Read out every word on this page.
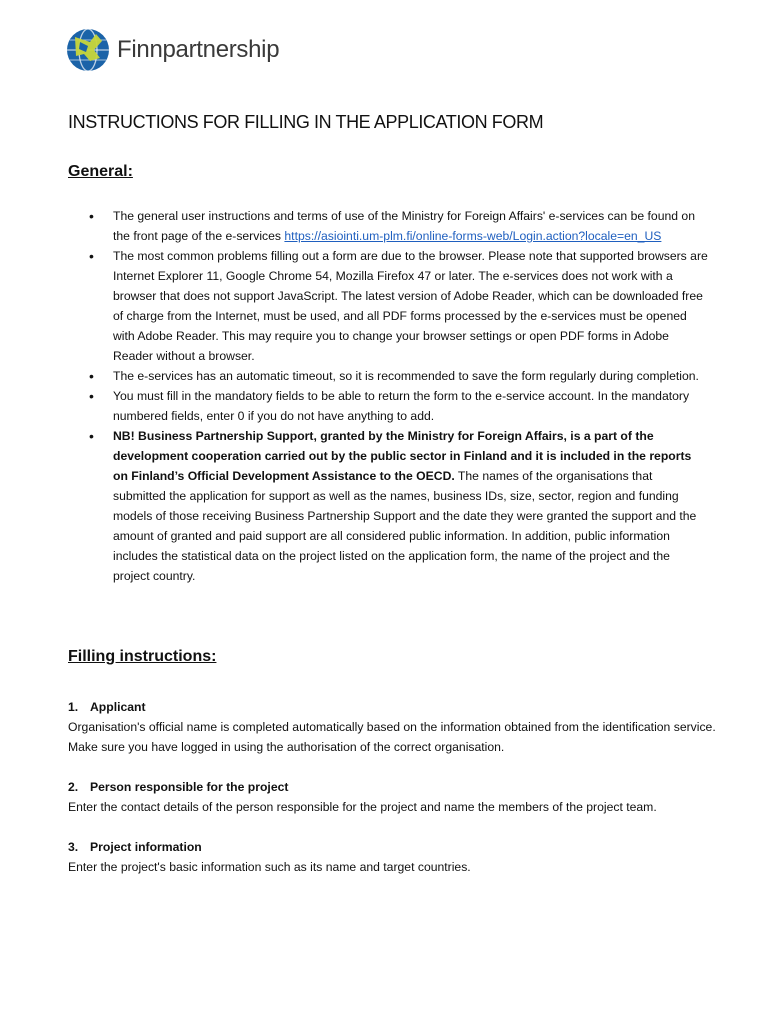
Finnpartnership
INSTRUCTIONS FOR FILLING IN THE APPLICATION FORM
General:
• The general user instructions and terms of use of the Ministry for Foreign Affairs' e-services can be found on the front page of the e-services https://asiointi.um-plm.fi/online-forms-web/Login.action?locale=en_US
• The most common problems filling out a form are due to the browser. Please note that supported browsers are Internet Explorer 11, Google Chrome 54, Mozilla Firefox 47 or later. The e-services does not work with a browser that does not support JavaScript. The latest version of Adobe Reader, which can be downloaded free of charge from the Internet, must be used, and all PDF forms processed by the e-services must be opened with Adobe Reader. This may require you to change your browser settings or open PDF forms in Adobe Reader without a browser.
• The e-services has an automatic timeout, so it is recommended to save the form regularly during completion.
• You must fill in the mandatory fields to be able to return the form to the e-service account. In the mandatory numbered fields, enter 0 if you do not have anything to add.
• NB! Business Partnership Support, granted by the Ministry for Foreign Affairs, is a part of the development cooperation carried out by the public sector in Finland and it is included in the reports on Finland’s Official Development Assistance to the OECD. The names of the organisations that submitted the application for support as well as the names, business IDs, size, sector, region and funding models of those receiving Business Partnership Support and the date they were granted the support and the amount of granted and paid support are all considered public information. In addition, public information includes the statistical data on the project listed on the application form, the name of the project and the project country.
Filling instructions:
1. Applicant
Organisation's official name is completed automatically based on the information obtained from the identification service. Make sure you have logged in using the authorisation of the correct organisation.
2. Person responsible for the project
Enter the contact details of the person responsible for the project and name the members of the project team.
3. Project information
Enter the project's basic information such as its name and target countries.
